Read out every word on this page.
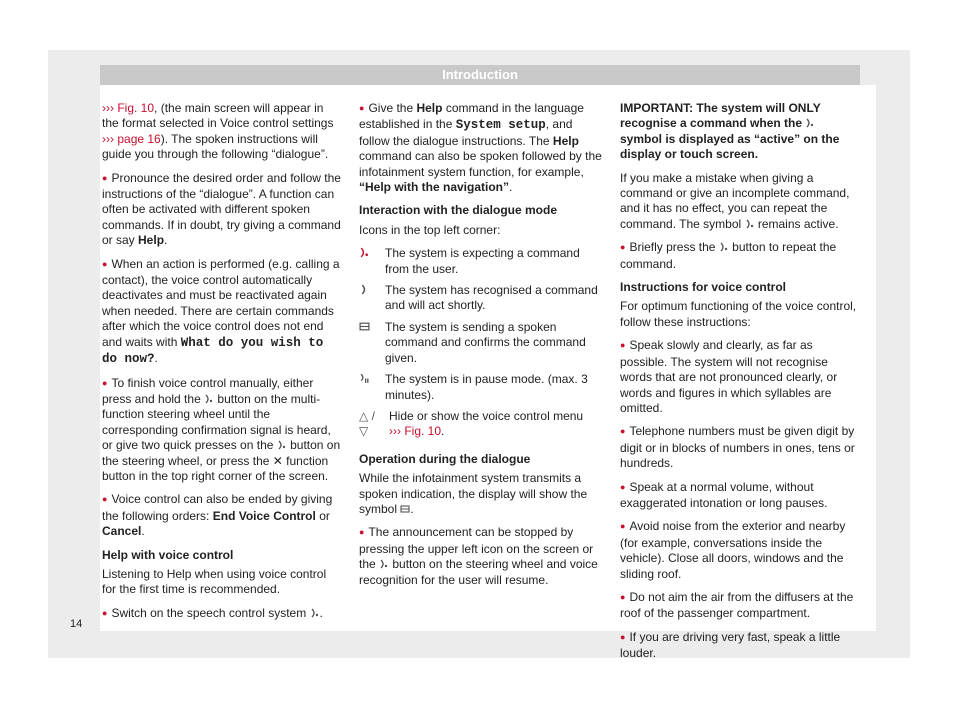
Introduction

››› Fig. 10, (the main screen will appear in the format selected in Voice control settings ››› page 16). The spoken instructions will guide you through the following “dialogue”.

● Pronounce the desired order and follow the instructions of the “dialogue”. A function can often be activated with different spoken commands. If in doubt, try giving a command or say Help.

● When an action is performed (e.g. calling a contact), the voice control automatically deactivates and must be reactivated again when needed. There are certain commands after which the voice control does not end and waits with What do you wish to do now?.

● To finish voice control manually, either press and hold the  button on the multi-function steering wheel until the corresponding confirmation signal is heard, or give two quick presses on the  button on the steering wheel, or press the ✕ function button in the top right corner of the screen.

● Voice control can also be ended by giving the following orders: End Voice Control or Cancel.

Help with voice control

Listening to Help when using voice control for the first time is recommended.

● Switch on the speech control system .

● Give the Help command in the language established in the System setup, and follow the dialogue instructions. The Help command can also be spoken followed by the infotainment system function, for example, “Help with the navigation”.

Interaction with the dialogue mode

Icons in the top left corner:

The system is expecting a command from the user.
The system has recognised a command and will act shortly.
The system is sending a spoken command and confirms the command given.
The system is in pause mode. (max. 3 minutes).
△ / ▽
Hide or show the voice control menu
››› Fig. 10.

Operation during the dialogue

While the infotainment system transmits a spoken indication, the display will show the symbol .

● The announcement can be stopped by pressing the upper left icon on the screen or the  button on the steering wheel and voice recognition for the user will resume.

IMPORTANT: The system will ONLY recognise a command when the  symbol is displayed as “active” on the display or touch screen.

If you make a mistake when giving a command or give an incomplete command, and it has no effect, you can repeat the command. The symbol  remains active.

● Briefly press the  button to repeat the command.

Instructions for voice control

For optimum functioning of the voice control, follow these instructions:

● Speak slowly and clearly, as far as possible. The system will not recognise words that are not pronounced clearly, or words and figures in which syllables are omitted.

● Telephone numbers must be given digit by digit or in blocks of numbers in ones, tens or hundreds.

● Speak at a normal volume, without exaggerated intonation or long pauses.

● Avoid noise from the exterior and nearby (for example, conversations inside the vehicle). Close all doors, windows and the sliding roof.

● Do not aim the air from the diffusers at the roof of the passenger compartment.

● If you are driving very fast, speak a little louder.

14
